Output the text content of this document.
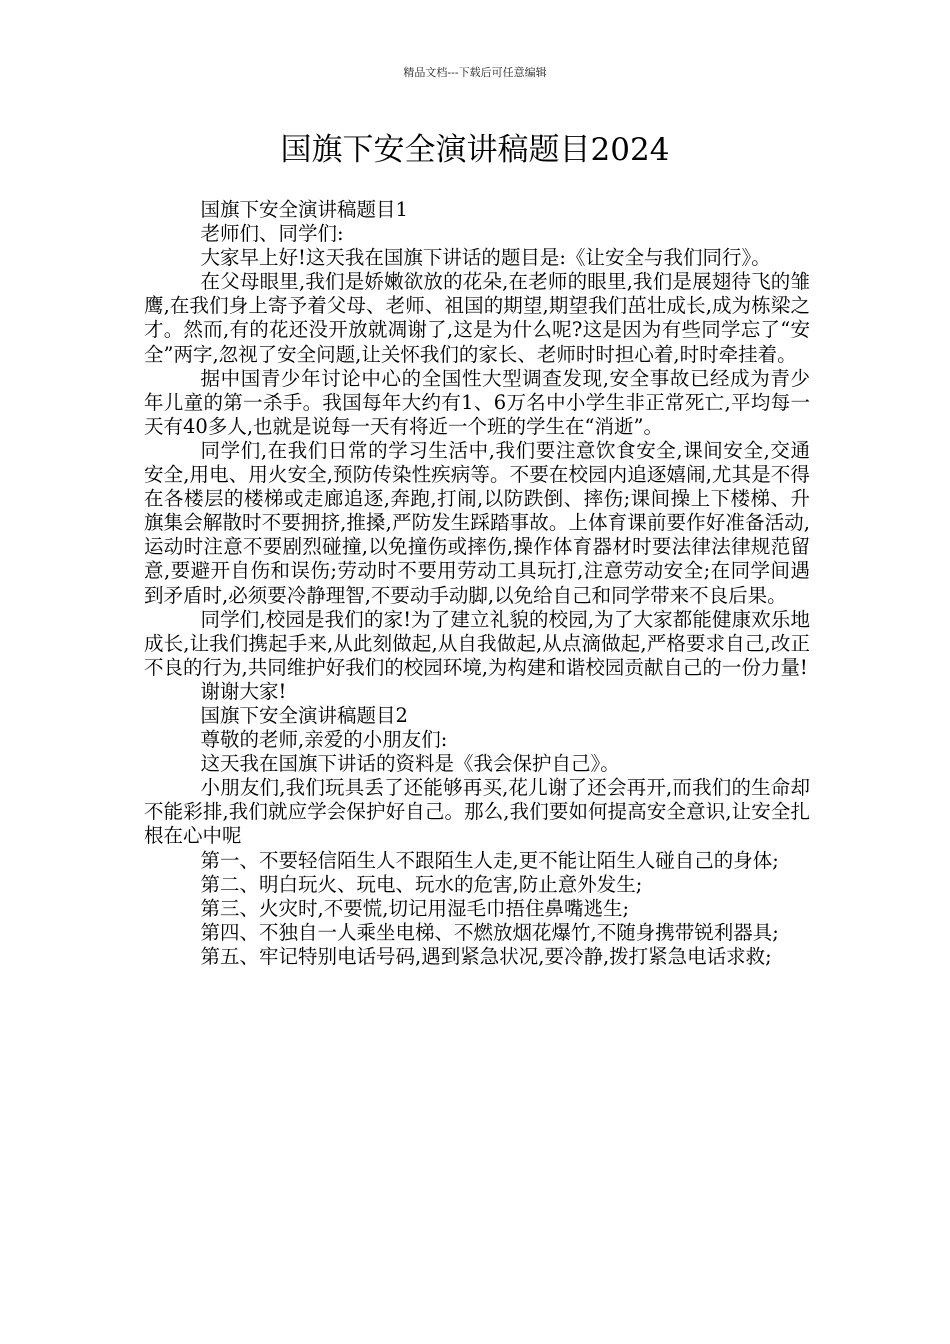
精品文档---下载后可任意编辑
国旗下安全演讲稿题目2024

国旗下安全演讲稿题目1

老师们、同学们:

大家早上好!这天我在国旗下讲话的题目是:《让安全与我们同行》。

在父母眼里,我们是娇嫩欲放的花朵,在老师的眼里,我们是展翅待飞的雏鹰,在我们身上寄予着父母、老师、祖国的期望,期望我们茁壮成长,成为栋梁之才。然而,有的花还没开放就凋谢了,这是为什么呢?这是因为有些同学忘了“安全”两字,忽视了安全问题,让关怀我们的家长、老师时时担心着,时时牵挂着。

据中国青少年讨论中心的全国性大型调查发现,安全事故已经成为青少年儿童的第一杀手。我国每年大约有1、6万名中小学生非正常死亡,平均每一天有40多人,也就是说每一天有将近一个班的学生在“消逝”。

同学们,在我们日常的学习生活中,我们要注意饮食安全,课间安全,交通安全,用电、用火安全,预防传染性疾病等。不要在校园内追逐嬉闹,尤其是不得在各楼层的楼梯或走廊追逐,奔跑,打闹,以防跌倒、摔伤;课间操上下楼梯、升旗集会解散时不要拥挤,推搡,严防发生踩踏事故。上体育课前要作好准备活动,运动时注意不要剧烈碰撞,以免撞伤或摔伤,操作体育器材时要法律法律规范留意,要避开自伤和误伤;劳动时不要用劳动工具玩打,注意劳动安全;在同学间遇到矛盾时,必须要冷静理智,不要动手动脚,以免给自己和同学带来不良后果。

同学们,校园是我们的家!为了建立礼貌的校园,为了大家都能健康欢乐地成长,让我们携起手来,从此刻做起,从自我做起,从点滴做起,严格要求自己,改正不良的行为,共同维护好我们的校园环境,为构建和谐校园贡献自己的一份力量!

谢谢大家!

国旗下安全演讲稿题目2

尊敬的老师,亲爱的小朋友们:

这天我在国旗下讲话的资料是《我会保护自己》。

小朋友们,我们玩具丢了还能够再买,花儿谢了还会再开,而我们的生命却不能彩排,我们就应学会保护好自己。那么,我们要如何提高安全意识,让安全扎根在心中呢

第一、不要轻信陌生人不跟陌生人走,更不能让陌生人碰自己的身体;

第二、明白玩火、玩电、玩水的危害,防止意外发生;

第三、火灾时,不要慌,切记用湿毛巾捂住鼻嘴逃生;

第四、不独自一人乘坐电梯、不燃放烟花爆竹,不随身携带锐利器具;

第五、牢记特别电话号码,遇到紧急状况,要冷静,拨打紧急电话求救;
